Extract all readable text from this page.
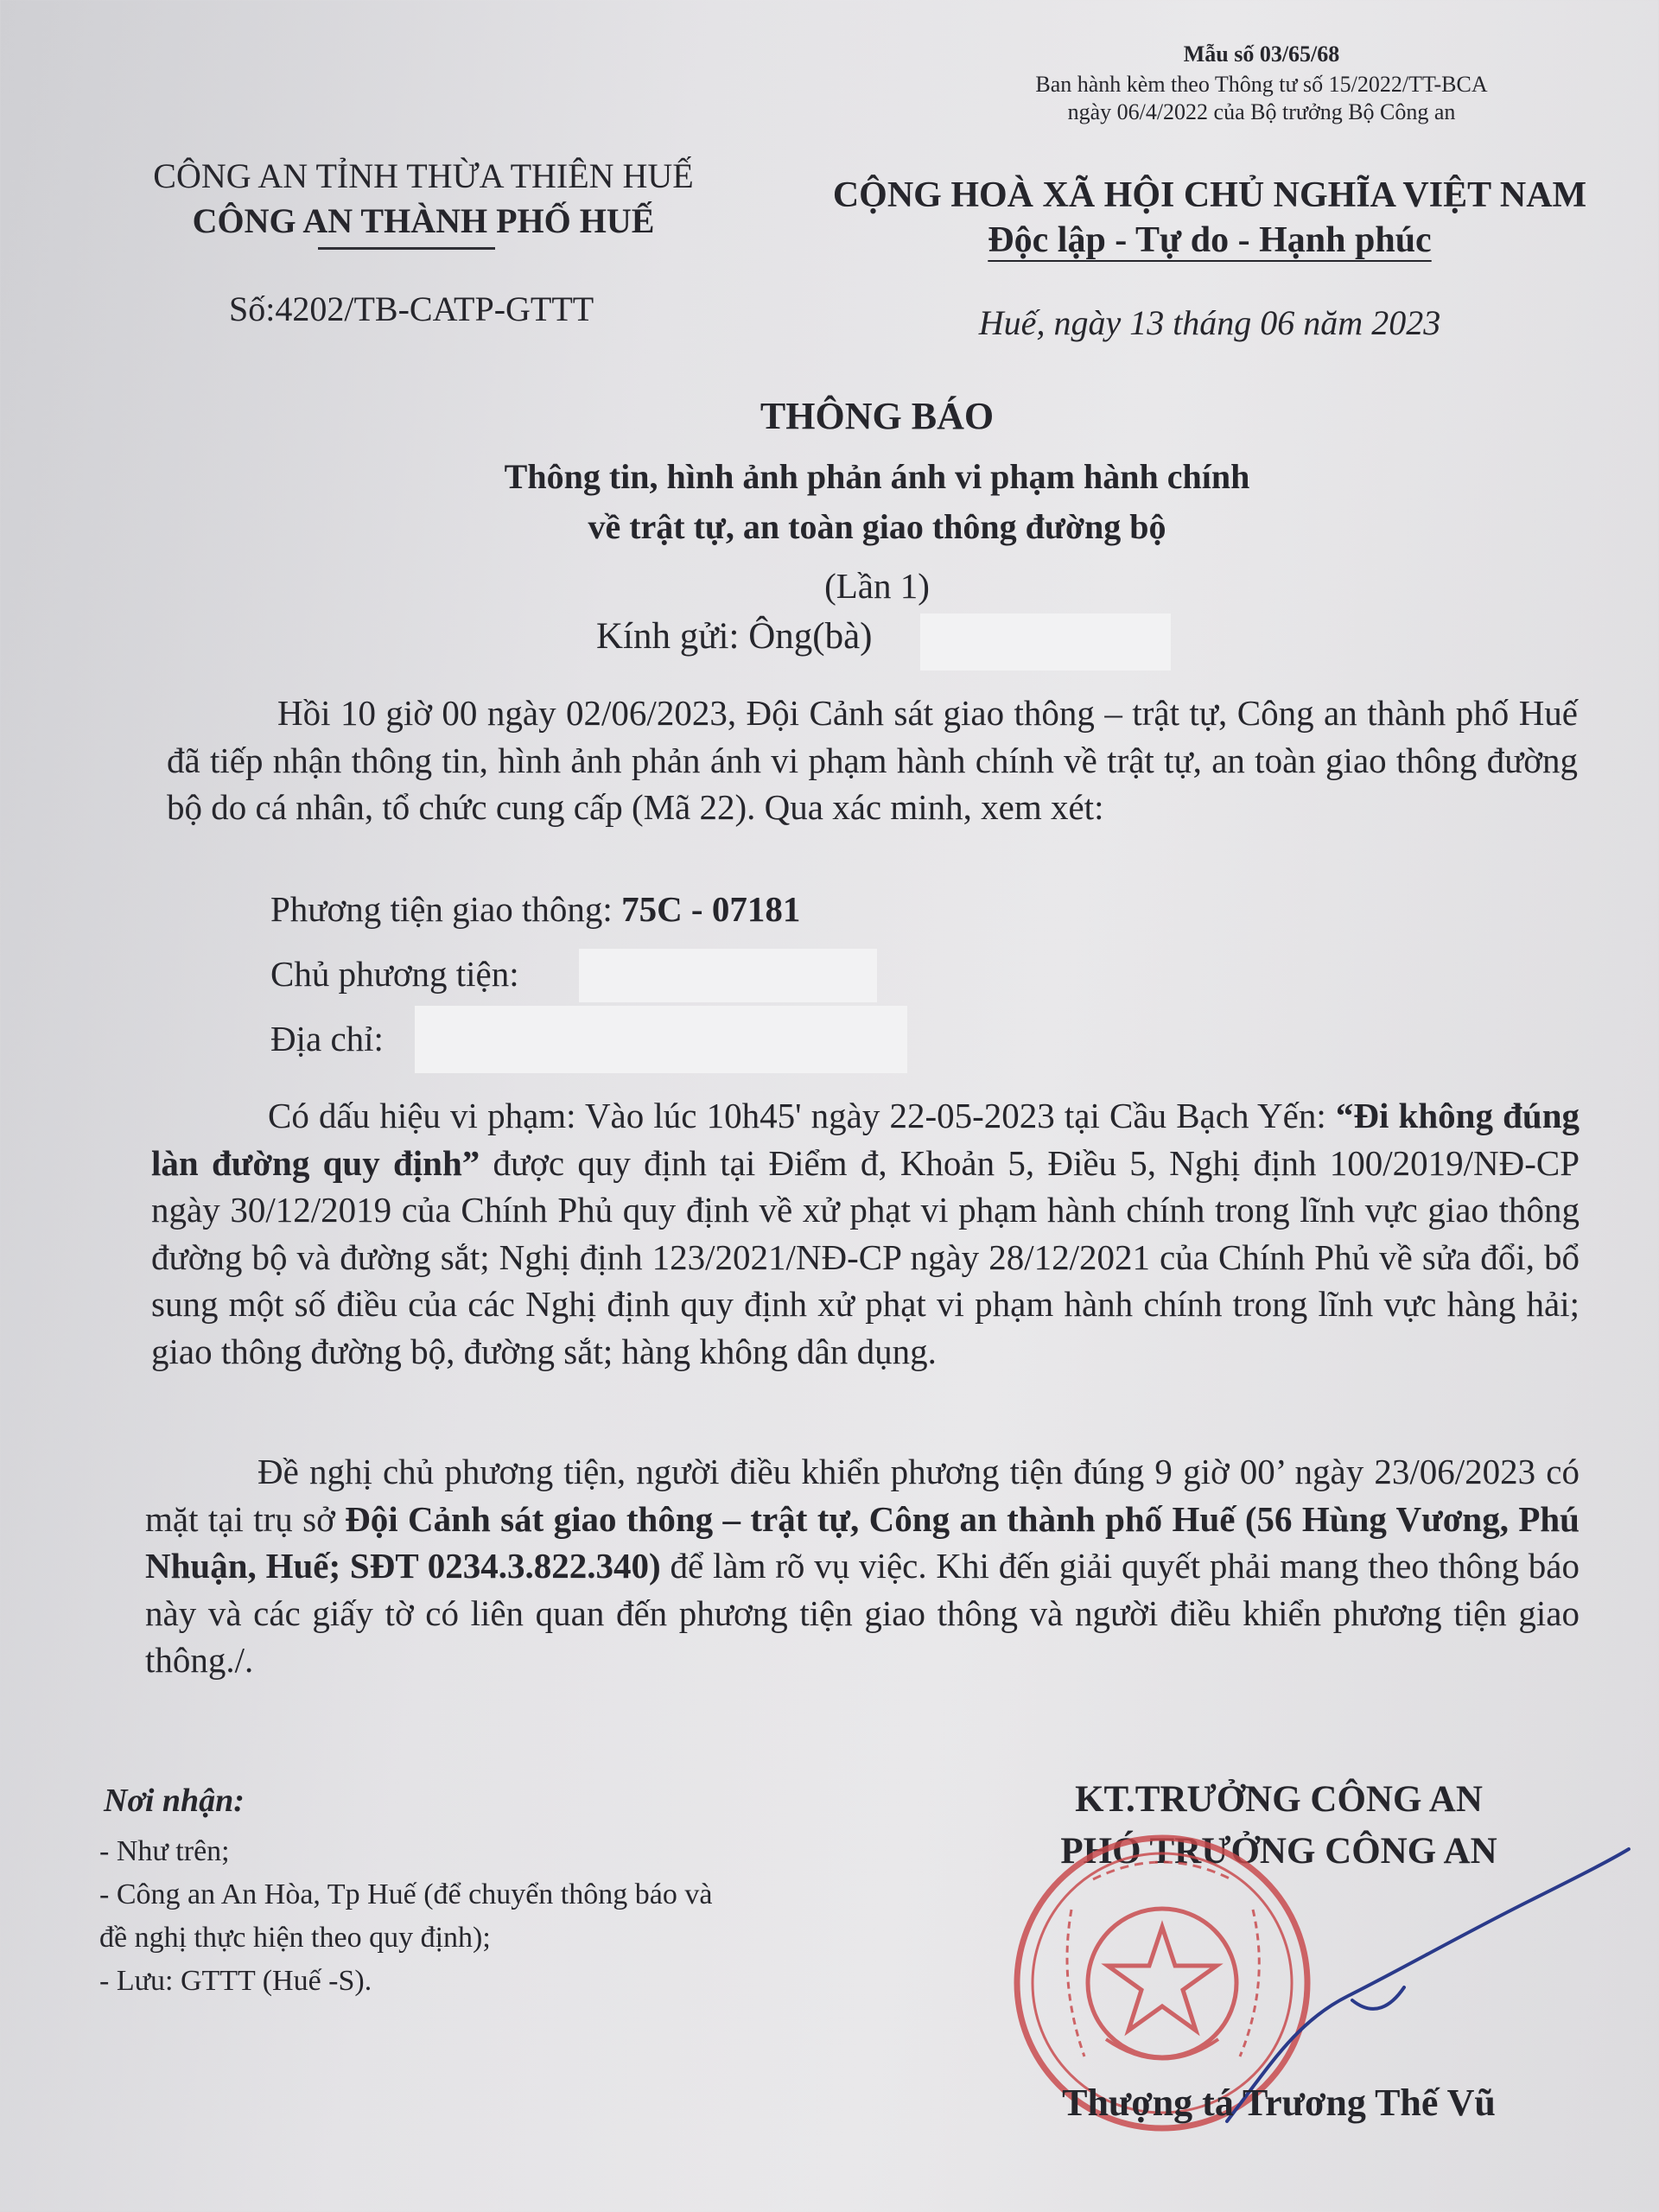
Mẫu số 03/65/68
Ban hành kèm theo Thông tư số 15/2022/TT-BCA
ngày 06/4/2022 của Bộ trưởng Bộ Công an
CÔNG AN TỈNH THỪA THIÊN HUẾ
CÔNG AN THÀNH PHỐ HUẾ
Số:4202/TB-CATP-GTTT
CỘNG HOÀ XÃ HỘI CHỦ NGHĨA VIỆT NAM
Độc lập - Tự do - Hạnh phúc
Huế, ngày 13 tháng 06 năm 2023
THÔNG BÁO
Thông tin, hình ảnh phản ánh vi phạm hành chính
về trật tự, an toàn giao thông đường bộ
(Lần 1)
Kính gửi: Ông(bà)
Hồi 10 giờ 00 ngày 02/06/2023, Đội Cảnh sát giao thông – trật tự, Công an thành phố Huế đã tiếp nhận thông tin, hình ảnh phản ánh vi phạm hành chính về trật tự, an toàn giao thông đường bộ do cá nhân, tổ chức cung cấp (Mã 22). Qua xác minh, xem xét:
Phương tiện giao thông: 75C - 07181
Chủ phương tiện:
Địa chỉ:
Có dấu hiệu vi phạm: Vào lúc 10h45' ngày 22-05-2023 tại Cầu Bạch Yến: “Đi không đúng làn đường quy định” được quy định tại Điểm đ, Khoản 5, Điều 5, Nghị định 100/2019/NĐ-CP ngày 30/12/2019 của Chính Phủ quy định về xử phạt vi phạm hành chính trong lĩnh vực giao thông đường bộ và đường sắt; Nghị định 123/2021/NĐ-CP ngày 28/12/2021 của Chính Phủ về sửa đổi, bổ sung một số điều của các Nghị định quy định xử phạt vi phạm hành chính trong lĩnh vực hàng hải; giao thông đường bộ, đường sắt; hàng không dân dụng.
Đề nghị chủ phương tiện, người điều khiển phương tiện đúng 9 giờ 00’ ngày 23/06/2023 có mặt tại trụ sở Đội Cảnh sát giao thông – trật tự, Công an thành phố Huế (56 Hùng Vương, Phú Nhuận, Huế; SĐT 0234.3.822.340) để làm rõ vụ việc. Khi đến giải quyết phải mang theo thông báo này và các giấy tờ có liên quan đến phương tiện giao thông và người điều khiển phương tiện giao thông./.
Nơi nhận:
- Như trên;
- Công an An Hòa, Tp Huế (để chuyển thông báo và
đề nghị thực hiện theo quy định);
- Lưu: GTTT (Huế -S).
KT.TRƯỞNG CÔNG AN
PHÓ TRƯỞNG CÔNG AN
Thượng tá Trương Thế Vũ
